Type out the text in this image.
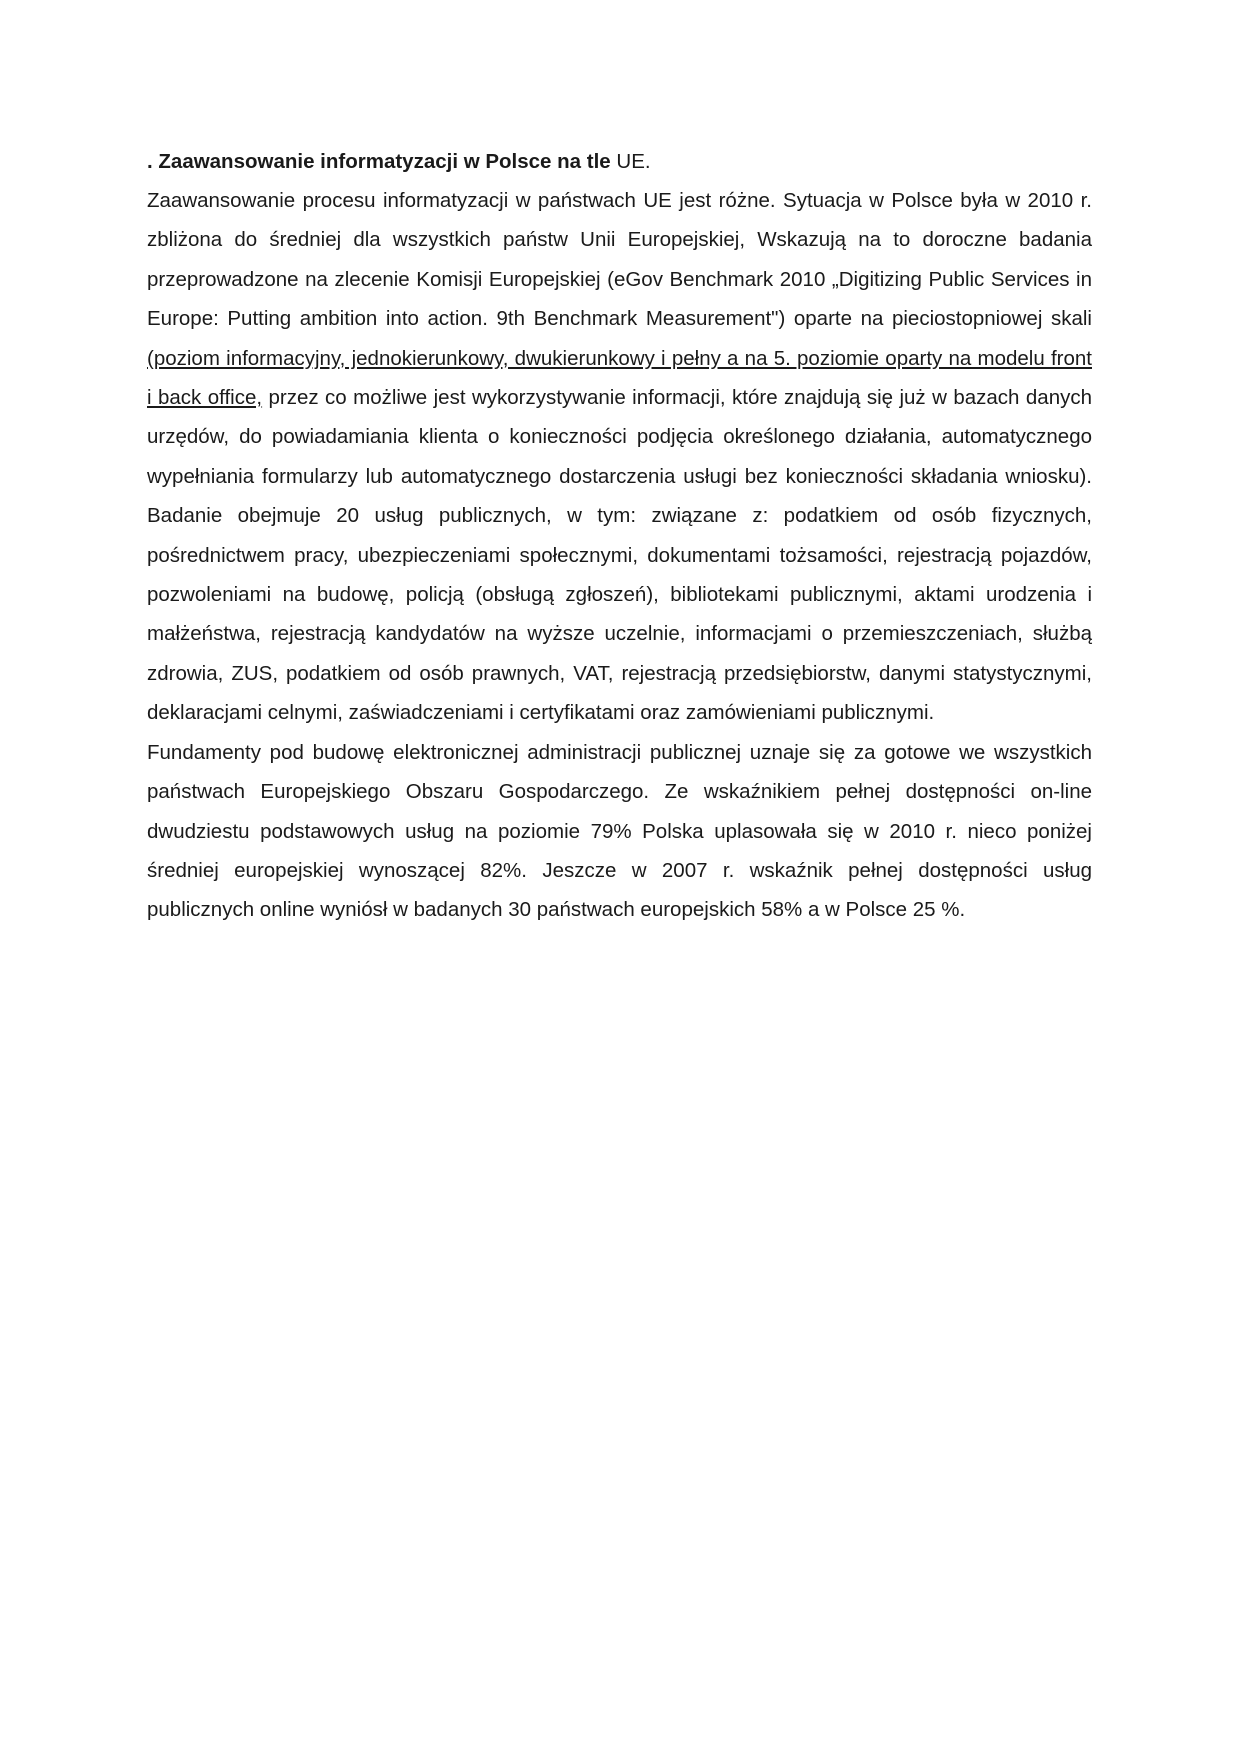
. Zaawansowanie informatyzacji w Polsce na tle UE.

Zaawansowanie procesu informatyzacji w państwach UE jest różne. Sytuacja w Polsce była w 2010 r. zbliżona do średniej dla wszystkich państw Unii Europejskiej, Wskazują na to doroczne badania przeprowadzone na zlecenie Komisji Europejskiej (eGov Benchmark 2010 „Digitizing Public Services in Europe: Putting ambition into action. 9th Benchmark Measurement") oparte na pieciostopniowej skali (poziom informacyjny, jednokierunkowy, dwukierunkowy i pełny a na 5. poziomie oparty na modelu front i back office, przez co możliwe jest wykorzystywanie informacji, które znajdują się już w bazach danych urzędów, do powiadamiania klienta o konieczności podjęcia określonego działania, automatycznego wypełniania formularzy lub automatycznego dostarczenia usługi bez konieczności składania wniosku). Badanie obejmuje 20 usług publicznych, w tym: związane z: podatkiem od osób fizycznych, pośrednictwem pracy, ubezpieczeniami społecznymi, dokumentami tożsamości, rejestracją pojazdów, pozwoleniami na budowę, policją (obsługą zgłoszeń), bibliotekami publicznymi, aktami urodzenia i małżeństwa, rejestracją kandydatów na wyższe uczelnie, informacjami o przemieszczeniach, służbą zdrowia, ZUS, podatkiem od osób prawnych, VAT, rejestracją przedsiębiorstw, danymi statystycznymi, deklaracjami celnymi, zaświadczeniami i certyfikatami oraz zamówieniami publicznymi.

Fundamenty pod budowę elektronicznej administracji publicznej uznaje się za gotowe we wszystkich państwach Europejskiego Obszaru Gospodarczego. Ze wskaźnikiem pełnej dostępności on-line dwudziestu podstawowych usług na poziomie 79% Polska uplasowała się w 2010 r. nieco poniżej średniej europejskiej wynoszącej 82%. Jeszcze w 2007 r. wskaźnik pełnej dostępności usług publicznych online wyniósł w badanych 30 państwach europejskich 58% a w Polsce 25 %.
